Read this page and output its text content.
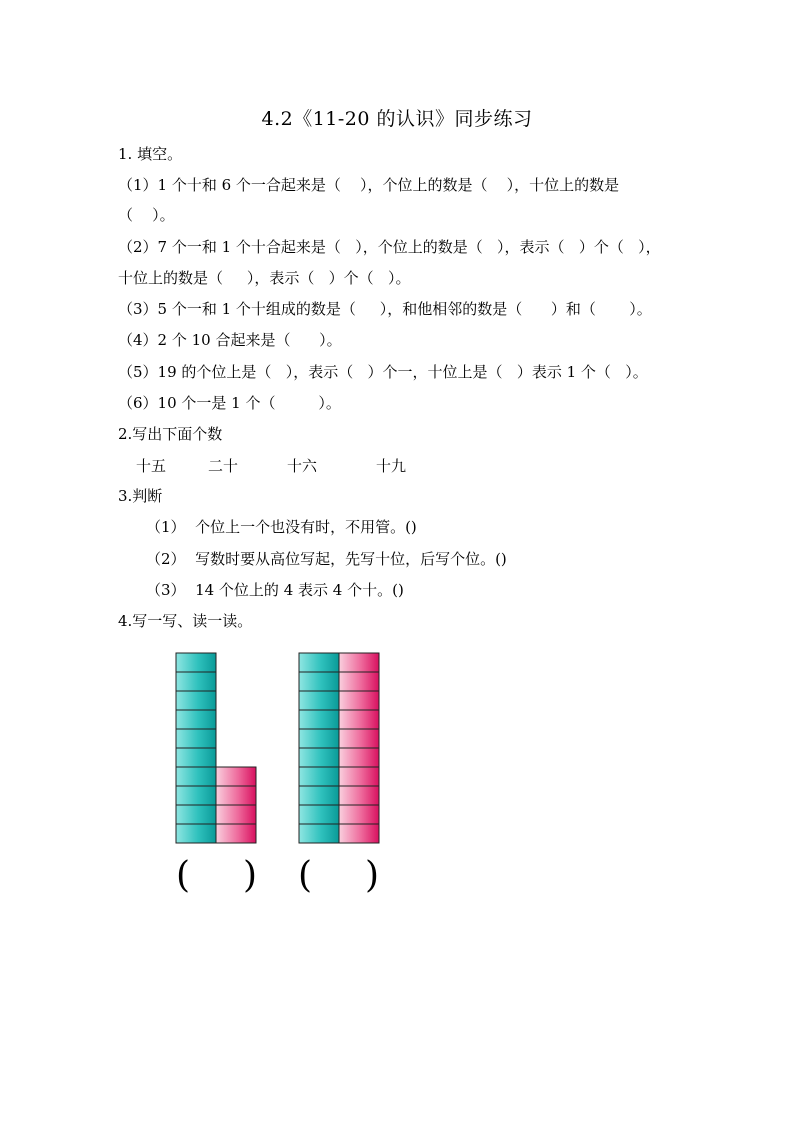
4.2《11-20 的认识》同步练习
1. 填空。
（1）1 个十和 6 个一合起来是（    ），个位上的数是（    ），十位上的数是
（    ）。
（2）7 个一和 1 个十合起来是（   ），个位上的数是（   ），表示（   ）个（   ），
十位上的数是（     ），表示（   ）个（   ）。
（3）5 个一和 1 个十组成的数是（     ），和他相邻的数是（      ）和（       ）。
（4）2 个 10 合起来是（      ）。
（5）19 的个位上是（   ），表示（   ）个一，十位上是（   ）表示 1 个（   ）。
（6）10 个一是 1 个（         ）。
2.写出下面个数
十五	二十	十六	十九
3.判断
（1）  个位上一个也没有时，不用管。()
（2）  写数时要从高位写起，先写十位，后写个位。()
（3）  14 个位上的 4 表示 4 个十。()
4.写一写、读一读。
( ) ( )
